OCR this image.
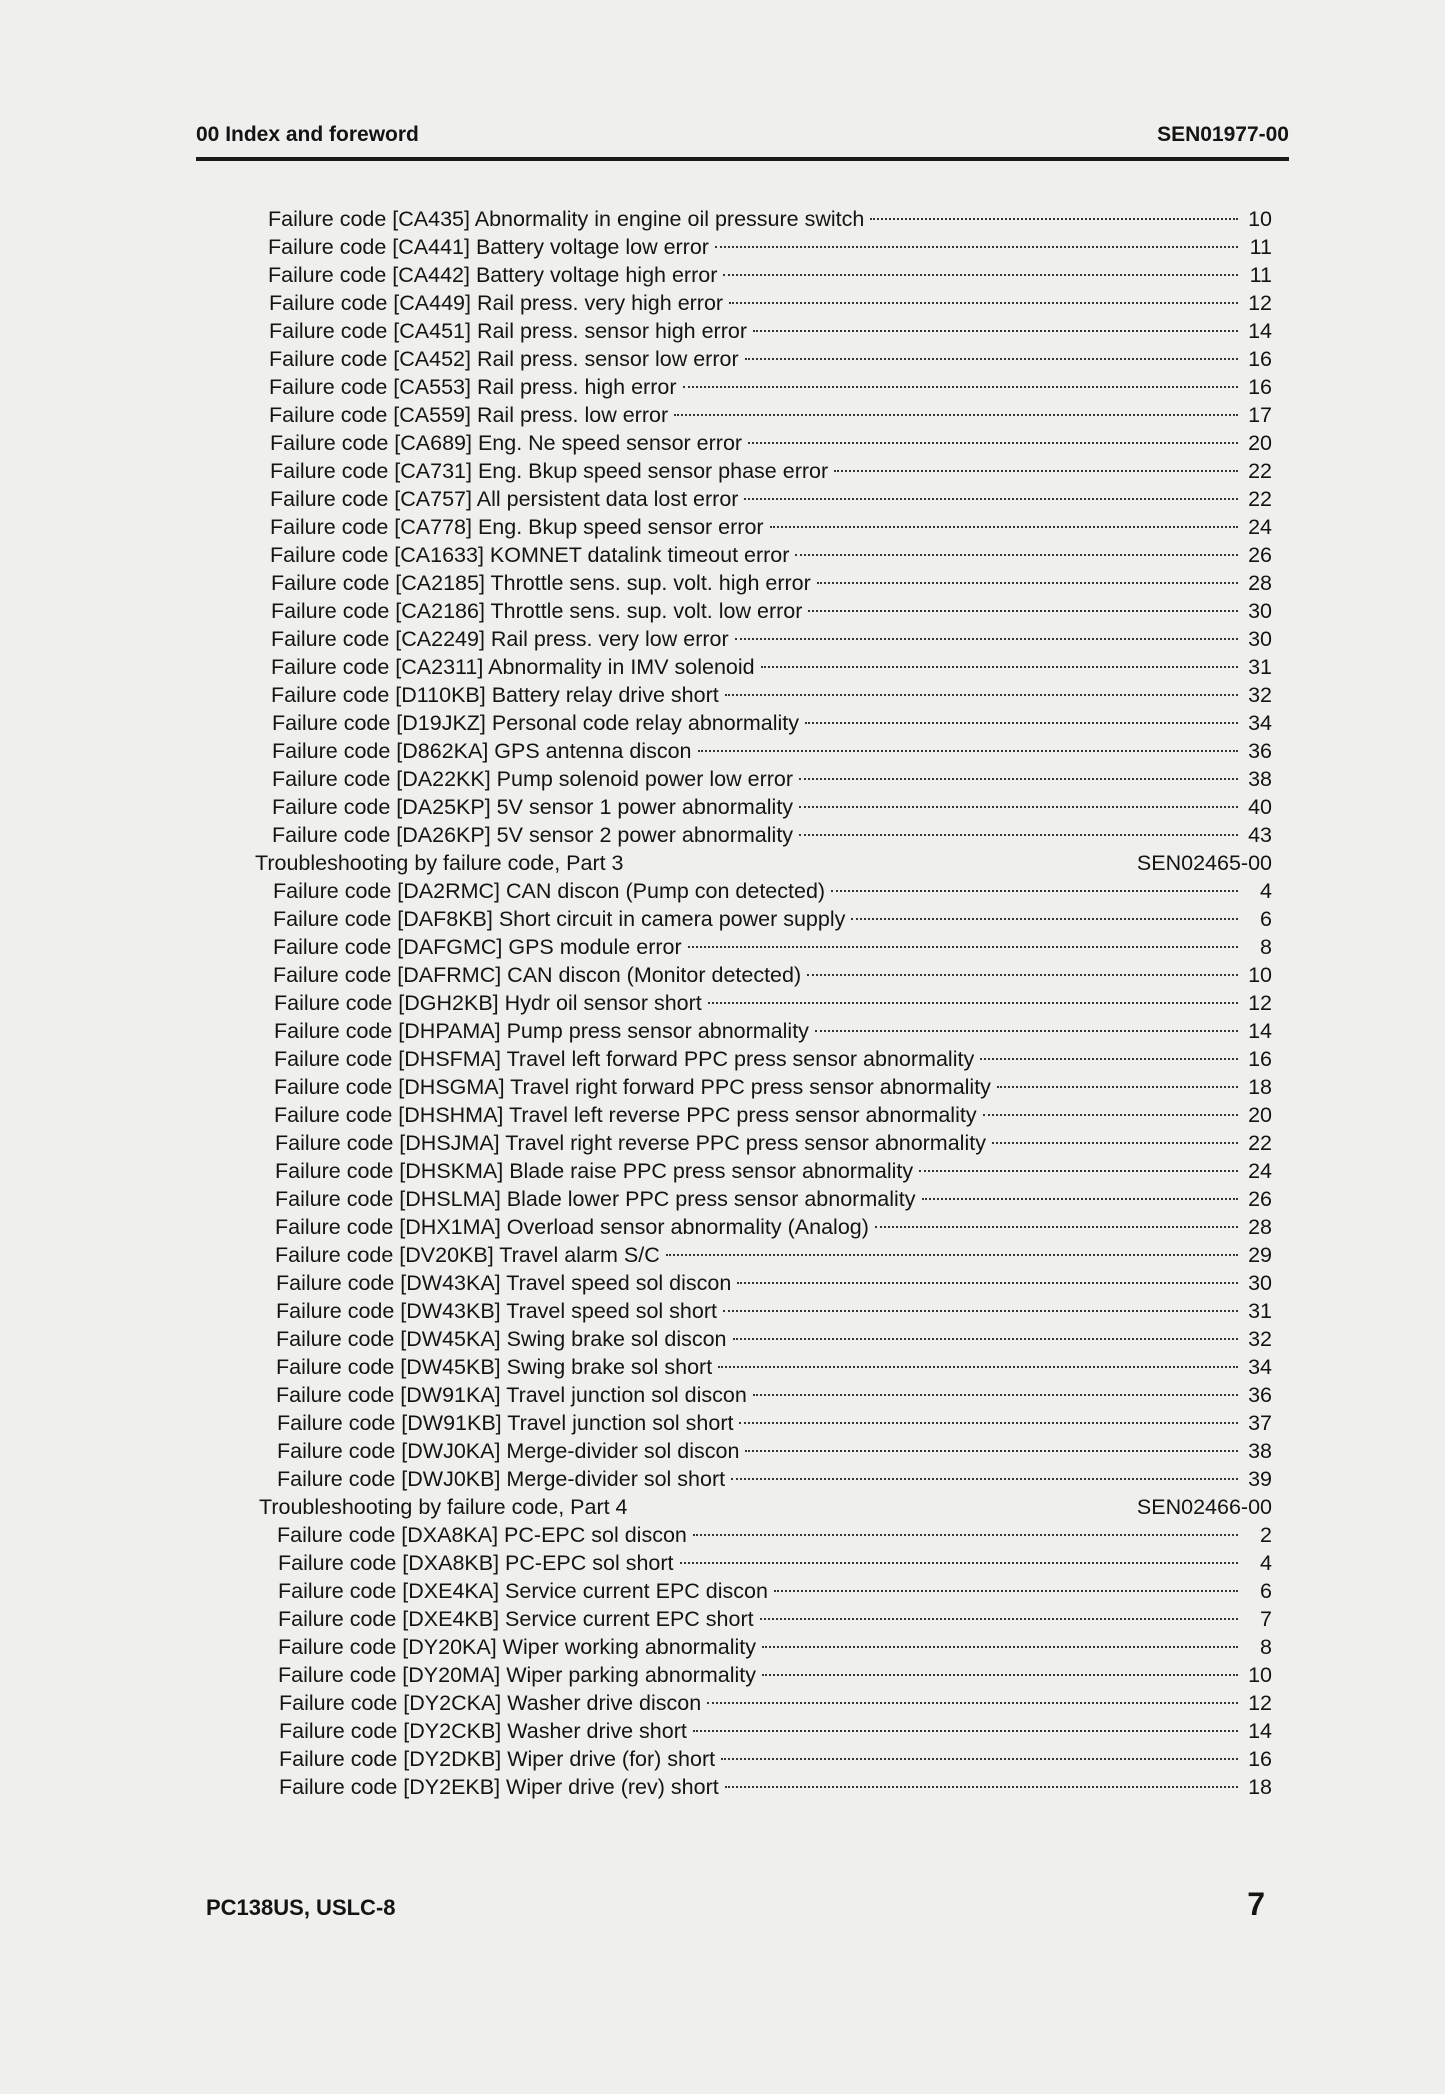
00 Index and foreword	SEN01977-00
Failure code [CA435] Abnormality in engine oil pressure switch	10
Failure code [CA441] Battery voltage low error	11
Failure code [CA442] Battery voltage high error	11
Failure code [CA449] Rail press. very high error	12
Failure code [CA451] Rail press. sensor high error	14
Failure code [CA452] Rail press. sensor low error	16
Failure code [CA553] Rail press. high error	16
Failure code [CA559] Rail press. low error	17
Failure code [CA689] Eng. Ne speed sensor error	20
Failure code [CA731] Eng. Bkup speed sensor phase error	22
Failure code [CA757] All persistent data lost error	22
Failure code [CA778] Eng. Bkup speed sensor error	24
Failure code [CA1633] KOMNET datalink timeout error	26
Failure code [CA2185] Throttle sens. sup. volt. high error	28
Failure code [CA2186] Throttle sens. sup. volt. low error	30
Failure code [CA2249] Rail press. very low error	30
Failure code [CA2311] Abnormality in IMV solenoid	31
Failure code [D110KB] Battery relay drive short	32
Failure code [D19JKZ] Personal code relay abnormality	34
Failure code [D862KA] GPS antenna discon	36
Failure code [DA22KK] Pump solenoid power low error	38
Failure code [DA25KP] 5V sensor 1 power abnormality	40
Failure code [DA26KP] 5V sensor 2 power abnormality	43
Troubleshooting by failure code, Part 3	SEN02465-00
Failure code [DA2RMC] CAN discon (Pump con detected)	4
Failure code [DAF8KB] Short circuit in camera power supply	6
Failure code [DAFGMC] GPS module error	8
Failure code [DAFRMC] CAN discon (Monitor detected)	10
Failure code [DGH2KB] Hydr oil sensor short	12
Failure code [DHPAMA] Pump press sensor abnormality	14
Failure code [DHSFMA] Travel left forward PPC press sensor abnormality	16
Failure code [DHSGMA] Travel right forward PPC press sensor abnormality	18
Failure code [DHSHMA] Travel left reverse PPC press sensor abnormality	20
Failure code [DHSJMA] Travel right reverse PPC press sensor abnormality	22
Failure code [DHSKMA] Blade raise PPC press sensor abnormality	24
Failure code [DHSLMA] Blade lower PPC press sensor abnormality	26
Failure code [DHX1MA] Overload sensor abnormality (Analog)	28
Failure code [DV20KB] Travel alarm S/C	29
Failure code [DW43KA] Travel speed sol discon	30
Failure code [DW43KB] Travel speed sol short	31
Failure code [DW45KA] Swing brake sol discon	32
Failure code [DW45KB] Swing brake sol short	34
Failure code [DW91KA] Travel junction sol discon	36
Failure code [DW91KB] Travel junction sol short	37
Failure code [DWJ0KA] Merge-divider sol discon	38
Failure code [DWJ0KB] Merge-divider sol short	39
Troubleshooting by failure code, Part 4	SEN02466-00
Failure code [DXA8KA] PC-EPC sol discon	2
Failure code [DXA8KB] PC-EPC sol short	4
Failure code [DXE4KA] Service current EPC discon	6
Failure code [DXE4KB] Service current EPC short	7
Failure code [DY20KA] Wiper working abnormality	8
Failure code [DY20MA] Wiper parking abnormality	10
Failure code [DY2CKA] Washer drive discon	12
Failure code [DY2CKB] Washer drive short	14
Failure code [DY2DKB] Wiper drive (for) short	16
Failure code [DY2EKB] Wiper drive (rev) short	18
PC138US, USLC-8	7
